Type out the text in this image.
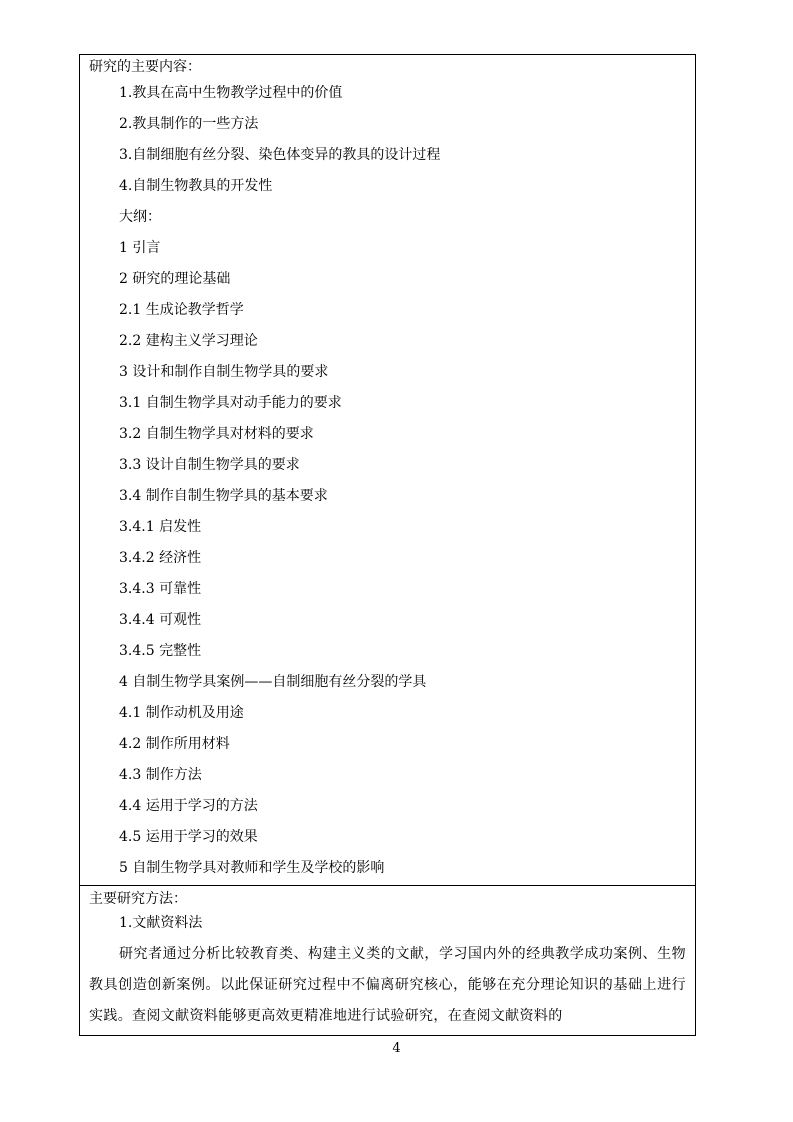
研究的主要内容：
1.教具在高中生物教学过程中的价值
2.教具制作的一些方法
3.自制细胞有丝分裂、染色体变异的教具的设计过程
4.自制生物教具的开发性
大纲：
1 引言
2 研究的理论基础
2.1 生成论教学哲学
2.2 建构主义学习理论
3 设计和制作自制生物学具的要求
3.1 自制生物学具对动手能力的要求
3.2 自制生物学具对材料的要求
3.3 设计自制生物学具的要求
3.4 制作自制生物学具的基本要求
3.4.1 启发性
3.4.2 经济性
3.4.3 可靠性
3.4.4 可观性
3.4.5 完整性
4 自制生物学具案例——自制细胞有丝分裂的学具
4.1 制作动机及用途
4.2 制作所用材料
4.3 制作方法
4.4 运用于学习的方法
4.5 运用于学习的效果
5 自制生物学具对教师和学生及学校的影响

主要研究方法：
1.文献资料法
研究者通过分析比较教育类、构建主义类的文献，学习国内外的经典教学成功案例、生物教具创造创新案例。以此保证研究过程中不偏离研究核心，能够在充分理论知识的基础上进行实践。查阅文献资料能够更高效更精准地进行试验研究，在查阅文献资料的
4
